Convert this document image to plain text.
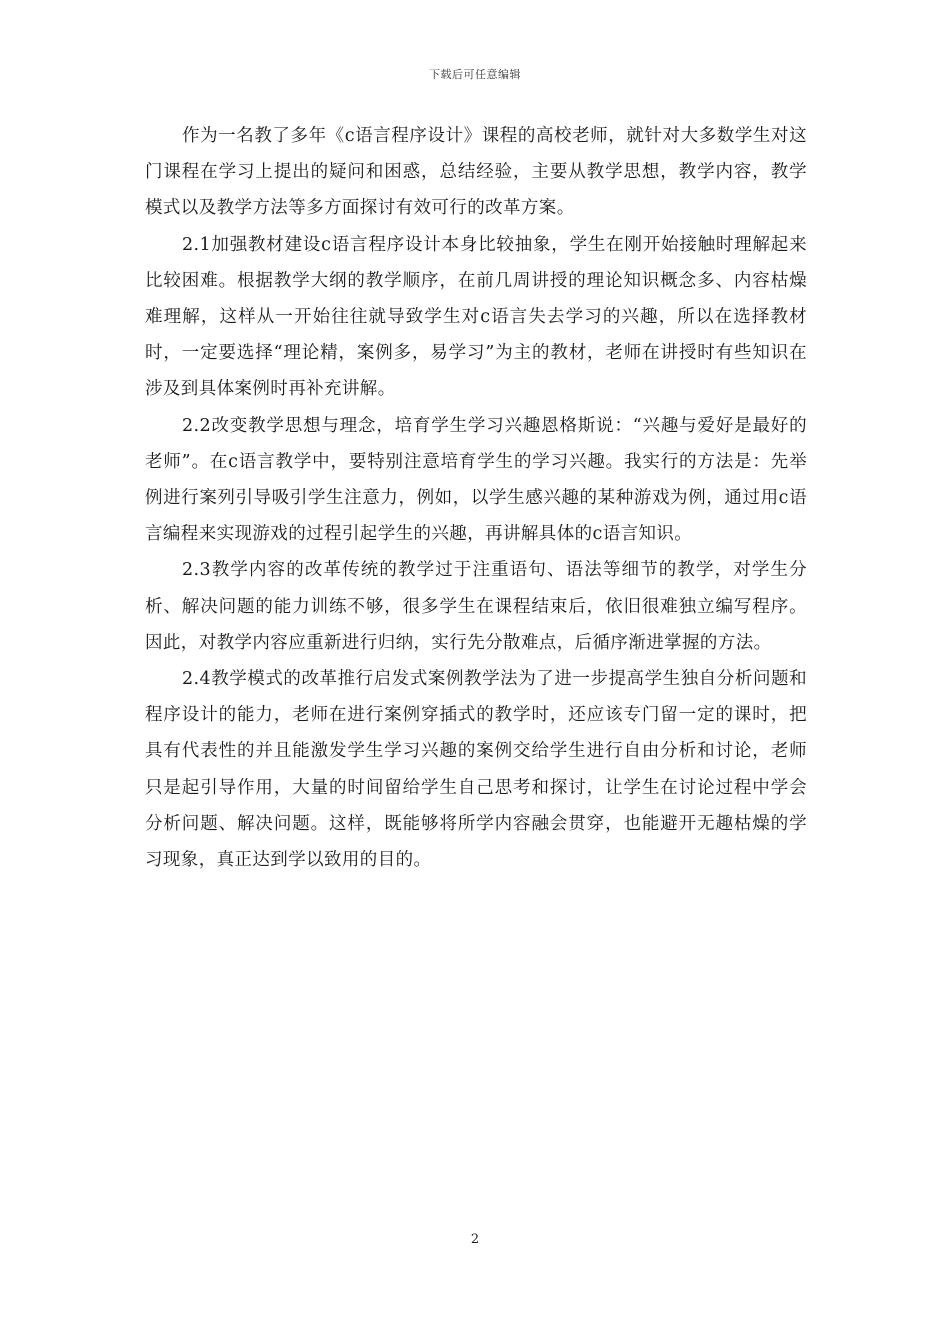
下载后可任意编辑

作为一名教了多年《c语言程序设计》课程的高校老师，就针对大多数学生对这门课程在学习上提出的疑问和困惑，总结经验，主要从教学思想，教学内容，教学模式以及教学方法等多方面探讨有效可行的改革方案。

2.1加强教材建设c语言程序设计本身比较抽象，学生在刚开始接触时理解起来比较困难。根据教学大纲的教学顺序，在前几周讲授的理论知识概念多、内容枯燥难理解，这样从一开始往往就导致学生对c语言失去学习的兴趣，所以在选择教材时，一定要选择“理论精，案例多，易学习”为主的教材，老师在讲授时有些知识在涉及到具体案例时再补充讲解。

2.2改变教学思想与理念，培育学生学习兴趣恩格斯说：“兴趣与爱好是最好的老师”。在c语言教学中，要特别注意培育学生的学习兴趣。我实行的方法是：先举例进行案列引导吸引学生注意力，例如，以学生感兴趣的某种游戏为例，通过用c语言编程来实现游戏的过程引起学生的兴趣，再讲解具体的c语言知识。

2.3教学内容的改革传统的教学过于注重语句、语法等细节的教学，对学生分析、解决问题的能力训练不够，很多学生在课程结束后，依旧很难独立编写程序。因此，对教学内容应重新进行归纳，实行先分散难点，后循序渐进掌握的方法。

2.4教学模式的改革推行启发式案例教学法为了进一步提高学生独自分析问题和程序设计的能力，老师在进行案例穿插式的教学时，还应该专门留一定的课时，把具有代表性的并且能激发学生学习兴趣的案例交给学生进行自由分析和讨论，老师只是起引导作用，大量的时间留给学生自己思考和探讨，让学生在讨论过程中学会分析问题、解决问题。这样，既能够将所学内容融会贯穿，也能避开无趣枯燥的学习现象，真正达到学以致用的目的。

2
